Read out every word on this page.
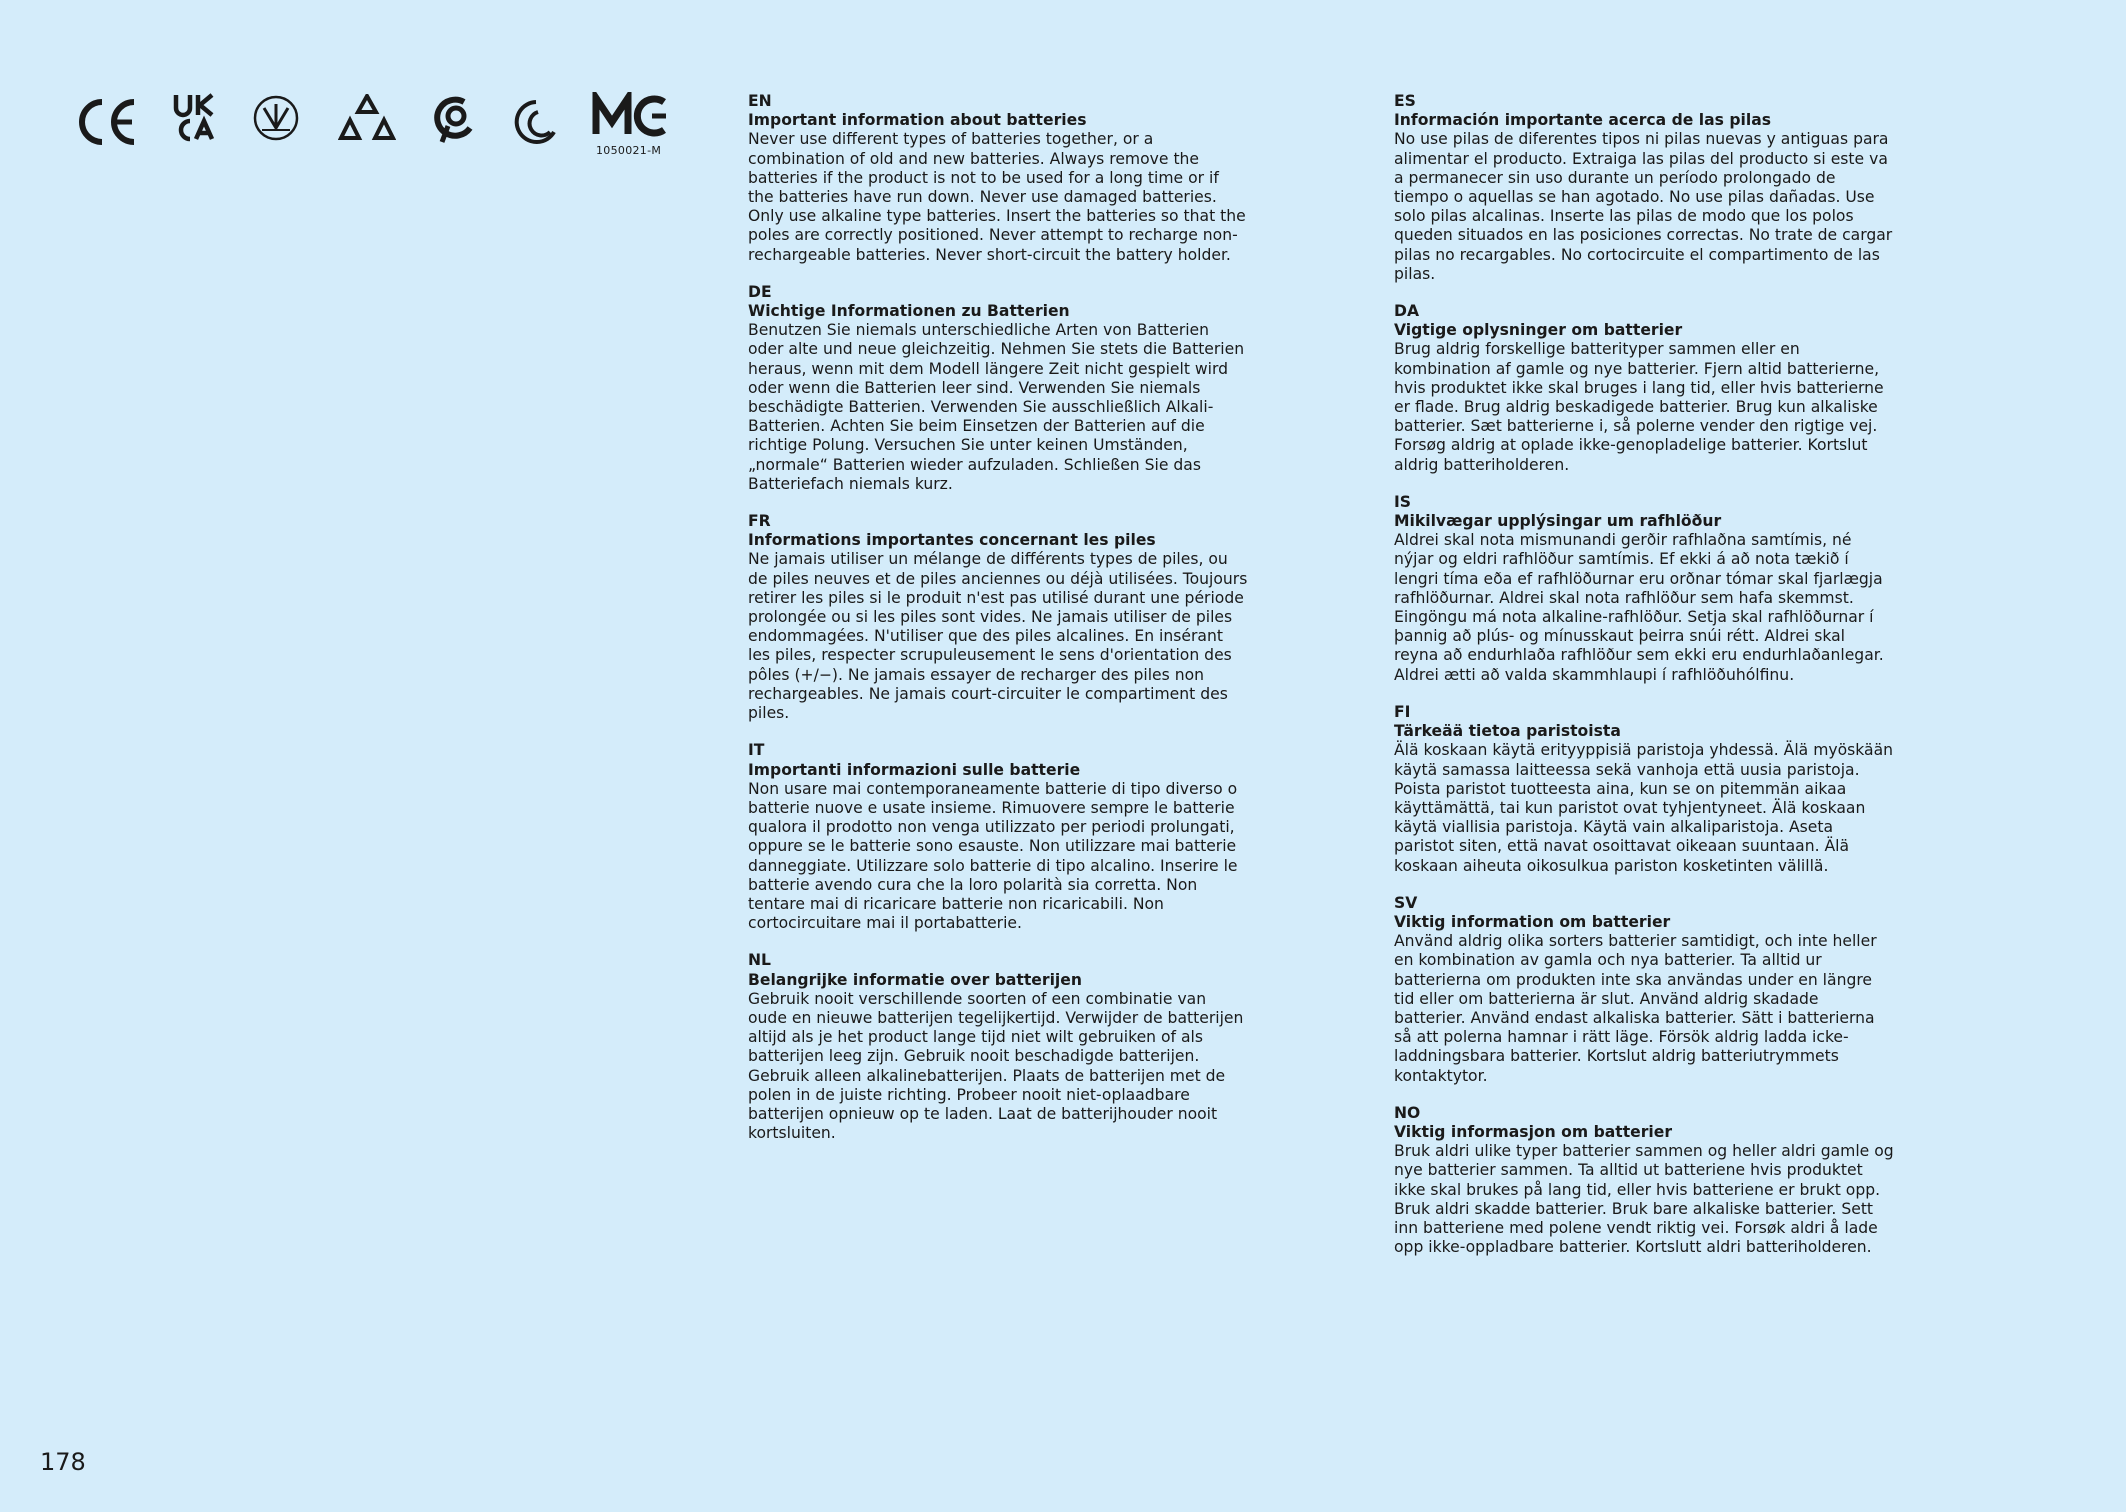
1050021-M
EN
Important information about batteries
Never use different types of batteries together, or a combination of old and new batteries. Always remove the batteries if the product is not to be used for a long time or if the batteries have run down. Never use damaged batteries. Only use alkaline type batteries. Insert the batteries so that the poles are correctly positioned. Never attempt to recharge non-rechargeable batteries. Never short-circuit the battery holder.
DE
Wichtige Informationen zu Batterien
Benutzen Sie niemals unterschiedliche Arten von Batterien oder alte und neue gleichzeitig. Nehmen Sie stets die Batterien heraus, wenn mit dem Modell längere Zeit nicht gespielt wird oder wenn die Batterien leer sind. Verwenden Sie niemals beschädigte Batterien. Verwenden Sie ausschließlich Alkali-Batterien. Achten Sie beim Einsetzen der Batterien auf die richtige Polung. Versuchen Sie unter keinen Umständen, „normale“ Batterien wieder aufzuladen. Schließen Sie das Batteriefach niemals kurz.
FR
Informations importantes concernant les piles
Ne jamais utiliser un mélange de différents types de piles, ou de piles neuves et de piles anciennes ou déjà utilisées. Toujours retirer les piles si le produit n'est pas utilisé durant une période prolongée ou si les piles sont vides. Ne jamais utiliser de piles endommagées. N'utiliser que des piles alcalines. En insérant les piles, respecter scrupuleusement le sens d'orientation des pôles (+/−). Ne jamais essayer de recharger des piles non rechargeables. Ne jamais court-circuiter le compartiment des piles.
IT
Importanti informazioni sulle batterie
Non usare mai contemporaneamente batterie di tipo diverso o batterie nuove e usate insieme. Rimuovere sempre le batterie qualora il prodotto non venga utilizzato per periodi prolungati, oppure se le batterie sono esauste. Non utilizzare mai batterie danneggiate. Utilizzare solo batterie di tipo alcalino. Inserire le batterie avendo cura che la loro polarità sia corretta. Non tentare mai di ricaricare batterie non ricaricabili. Non cortocircuitare mai il portabatterie.
NL
Belangrijke informatie over batterijen
Gebruik nooit verschillende soorten of een combinatie van oude en nieuwe batterijen tegelijkertijd. Verwijder de batterijen altijd als je het product lange tijd niet wilt gebruiken of als batterijen leeg zijn. Gebruik nooit beschadigde batterijen. Gebruik alleen alkalinebatterijen. Plaats de batterijen met de polen in de juiste richting. Probeer nooit niet-oplaadbare batterijen opnieuw op te laden. Laat de batterijhouder nooit kortsluiten.
ES
Información importante acerca de las pilas
No use pilas de diferentes tipos ni pilas nuevas y antiguas para alimentar el producto. Extraiga las pilas del producto si este va a permanecer sin uso durante un período prolongado de tiempo o aquellas se han agotado. No use pilas dañadas. Use solo pilas alcalinas. Inserte las pilas de modo que los polos queden situados en las posiciones correctas. No trate de cargar pilas no recargables. No cortocircuite el compartimento de las pilas.
DA
Vigtige oplysninger om batterier
Brug aldrig forskellige batterityper sammen eller en kombination af gamle og nye batterier. Fjern altid batterierne, hvis produktet ikke skal bruges i lang tid, eller hvis batterierne er flade. Brug aldrig beskadigede batterier. Brug kun alkaliske batterier. Sæt batterierne i, så polerne vender den rigtige vej. Forsøg aldrig at oplade ikke-genopladelige batterier. Kortslut aldrig batteriholderen.
IS
Mikilvægar upplýsingar um rafhlöður
Aldrei skal nota mismunandi gerðir rafhlaðna samtímis, né nýjar og eldri rafhlöður samtímis. Ef ekki á að nota tækið í lengri tíma eða ef rafhlöðurnar eru orðnar tómar skal fjarlægja rafhlöðurnar. Aldrei skal nota rafhlöður sem hafa skemmst. Eingöngu má nota alkaline-rafhlöður. Setja skal rafhlöðurnar í þannig að plús- og mínusskaut þeirra snúi rétt. Aldrei skal reyna að endurhlaða rafhlöður sem ekki eru endurhlaðanlegar. Aldrei ætti að valda skammhlaupi í rafhlöðuhólfinu.
FI
Tärkeää tietoa paristoista
Älä koskaan käytä erityyppisiä paristoja yhdessä. Älä myöskään käytä samassa laitteessa sekä vanhoja että uusia paristoja. Poista paristot tuotteesta aina, kun se on pitemmän aikaa käyttämättä, tai kun paristot ovat tyhjentyneet. Älä koskaan käytä viallisia paristoja. Käytä vain alkaliparistoja. Aseta paristot siten, että navat osoittavat oikeaan suuntaan. Älä koskaan aiheuta oikosulkua pariston kosketinten välillä.
SV
Viktig information om batterier
Använd aldrig olika sorters batterier samtidigt, och inte heller en kombination av gamla och nya batterier. Ta alltid ur batterierna om produkten inte ska användas under en längre tid eller om batterierna är slut. Använd aldrig skadade batterier. Använd endast alkaliska batterier. Sätt i batterierna så att polerna hamnar i rätt läge. Försök aldrig ladda icke-laddningsbara batterier. Kortslut aldrig batteriutrymmets kontaktytor.
NO
Viktig informasjon om batterier
Bruk aldri ulike typer batterier sammen og heller aldri gamle og nye batterier sammen. Ta alltid ut batteriene hvis produktet ikke skal brukes på lang tid, eller hvis batteriene er brukt opp. Bruk aldri skadde batterier. Bruk bare alkaliske batterier. Sett inn batteriene med polene vendt riktig vei. Forsøk aldri å lade opp ikke-oppladbare batterier. Kortslutt aldri batteriholderen.
178
